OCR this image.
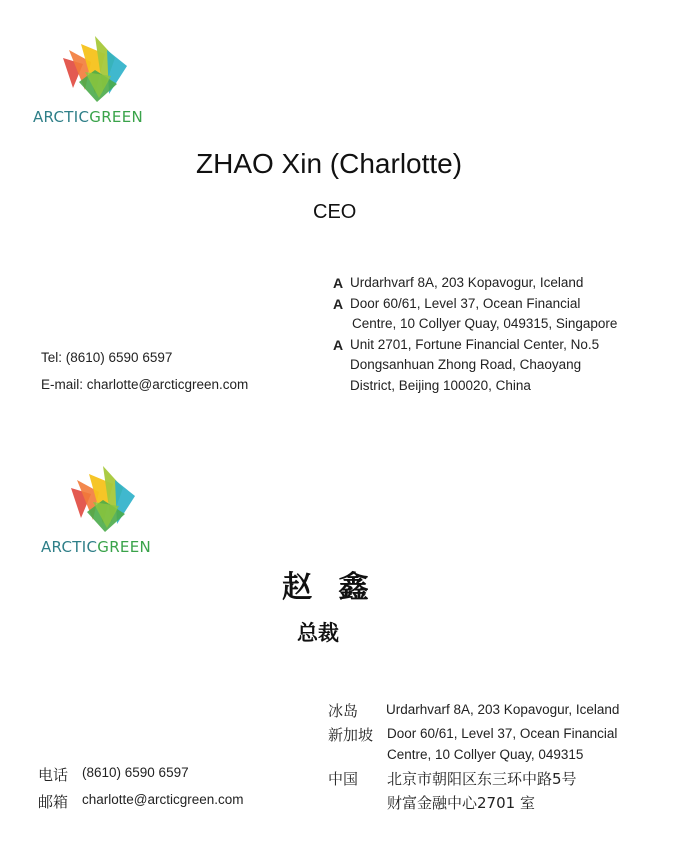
ARCTICGREEN
ZHAO Xin (Charlotte)
CEO
Tel: (8610) 6590 6597
E-mail: charlotte@arcticgreen.com
A Urdarhvarf 8A, 203 Kopavogur, Iceland
A Door 60/61, Level 37, Ocean Financial
Centre, 10 Collyer Quay, 049315, Singapore
A Unit 2701, Fortune Financial Center, No.5
Dongsanhuan Zhong Road, Chaoyang
District, Beijing 100020, China
ARCTICGREEN
赵 鑫
总裁
电话 (8610) 6590 6597
邮箱 charlotte@arcticgreen.com
冰岛 Urdarhvarf 8A, 203 Kopavogur, Iceland
新加坡 Door 60/61, Level 37, Ocean Financial
Centre, 10 Collyer Quay, 049315
中国 北京市朝阳区东三环中路5号
财富金融中心2701 室
